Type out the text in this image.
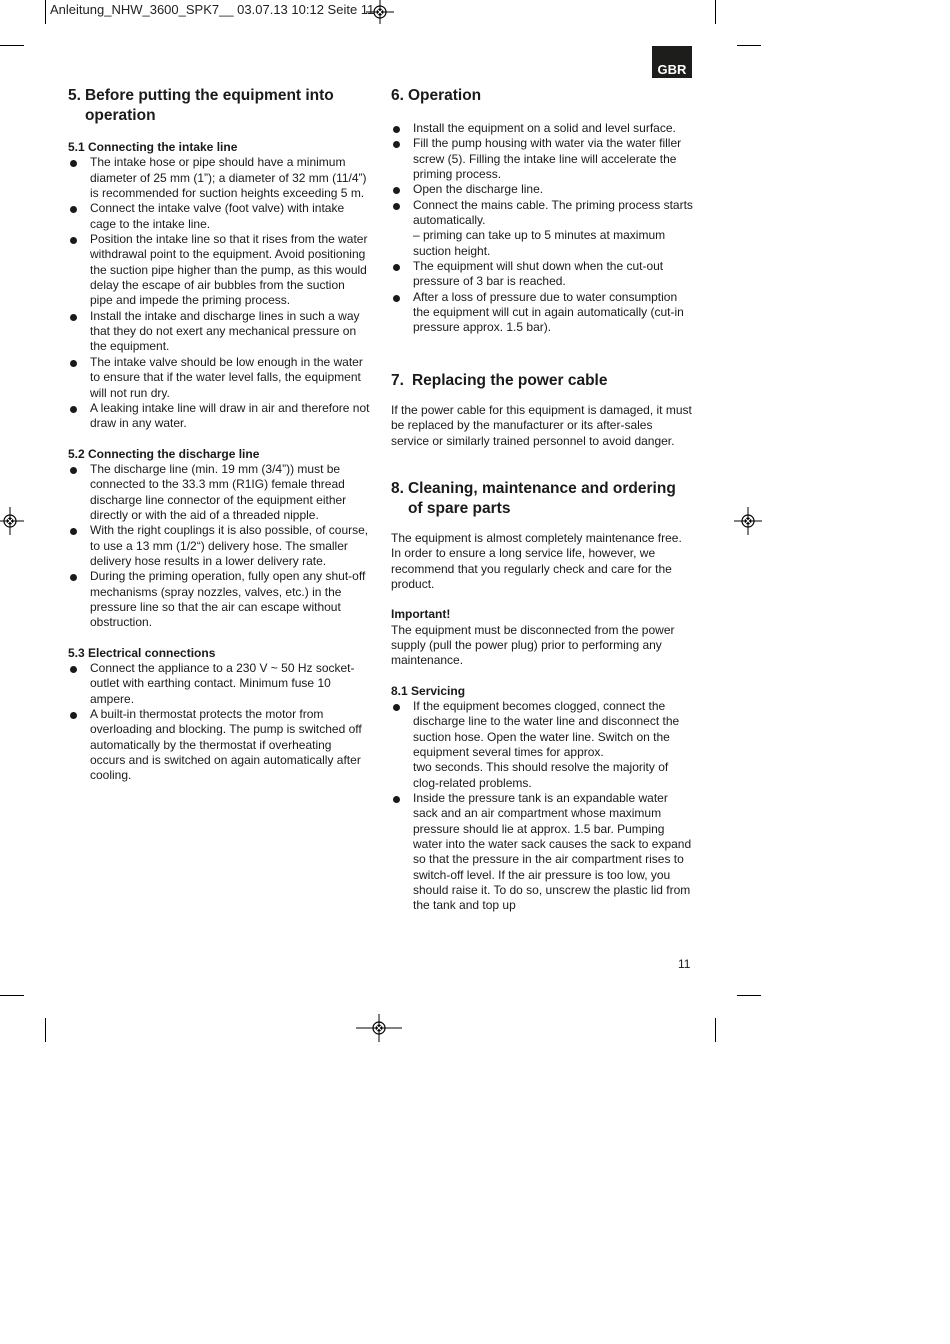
Anleitung_NHW_3600_SPK7__ 03.07.13 10:12 Seite 11
GBR
5. Before putting the equipment into operation
5.1 Connecting the intake line
The intake hose or pipe should have a minimum diameter of 25 mm (1”); a diameter of 32 mm (11/4”) is recommended for suction heights exceeding 5 m.
Connect the intake valve (foot valve) with intake cage to the intake line.
Position the intake line so that it rises from the water withdrawal point to the equipment. Avoid positioning the suction pipe higher than the pump, as this would delay the escape of air bubbles from the suction pipe and impede the priming process.
Install the intake and discharge lines in such a way that they do not exert any mechanical pressure on the equipment.
The intake valve should be low enough in the water to ensure that if the water level falls, the equipment will not run dry.
A leaking intake line will draw in air and therefore not draw in any water.
5.2 Connecting the discharge line
The discharge line (min. 19 mm (3/4”)) must be connected to the 33.3 mm (R1IG) female thread discharge line connector of the equipment either directly or with the aid of a threaded nipple.
With the right couplings it is also possible, of course, to use a 13 mm (1/2“) delivery hose. The smaller delivery hose results in a lower delivery rate.
During the priming operation, fully open any shut-off mechanisms (spray nozzles, valves, etc.) in the pressure line so that the air can escape without obstruction.
5.3 Electrical connections
Connect the appliance to a 230 V ~ 50 Hz socket-outlet with earthing contact. Minimum fuse 10 ampere.
A built-in thermostat protects the motor from overloading and blocking. The pump is switched off automatically by the thermostat if overheating occurs and is switched on again automatically after cooling.
6. Operation
Install the equipment on a solid and level surface.
Fill the pump housing with water via the water filler screw (5). Filling the intake line will accelerate the priming process.
Open the discharge line.
Connect the mains cable. The priming process starts automatically.
– priming can take up to 5 minutes at maximum suction height.
The equipment will shut down when the cut-out pressure of 3 bar is reached.
After a loss of pressure due to water consumption the equipment will cut in again automatically (cut-in pressure approx. 1.5 bar).
7. Replacing the power cable

If the power cable for this equipment is damaged, it must be replaced by the manufacturer or its after-sales service or similarly trained personnel to avoid danger.

8. Cleaning, maintenance and ordering of spare parts

The equipment is almost completely maintenance free. In order to ensure a long service life, however, we recommend that you regularly check and care for the product.

Important!

The equipment must be disconnected from the power supply (pull the power plug) prior to performing any maintenance.

8.1 Servicing
If the equipment becomes clogged, connect the discharge line to the water line and disconnect the suction hose. Open the water line. Switch on the equipment several times for approx.
two seconds. This should resolve the majority of clog-related problems.
Inside the pressure tank is an expandable water sack and an air compartment whose maximum pressure should lie at approx. 1.5 bar. Pumping water into the water sack causes the sack to expand so that the pressure in the air compartment rises to switch-off level. If the air pressure is too low, you should raise it. To do so, unscrew the plastic lid from the tank and top up
11
